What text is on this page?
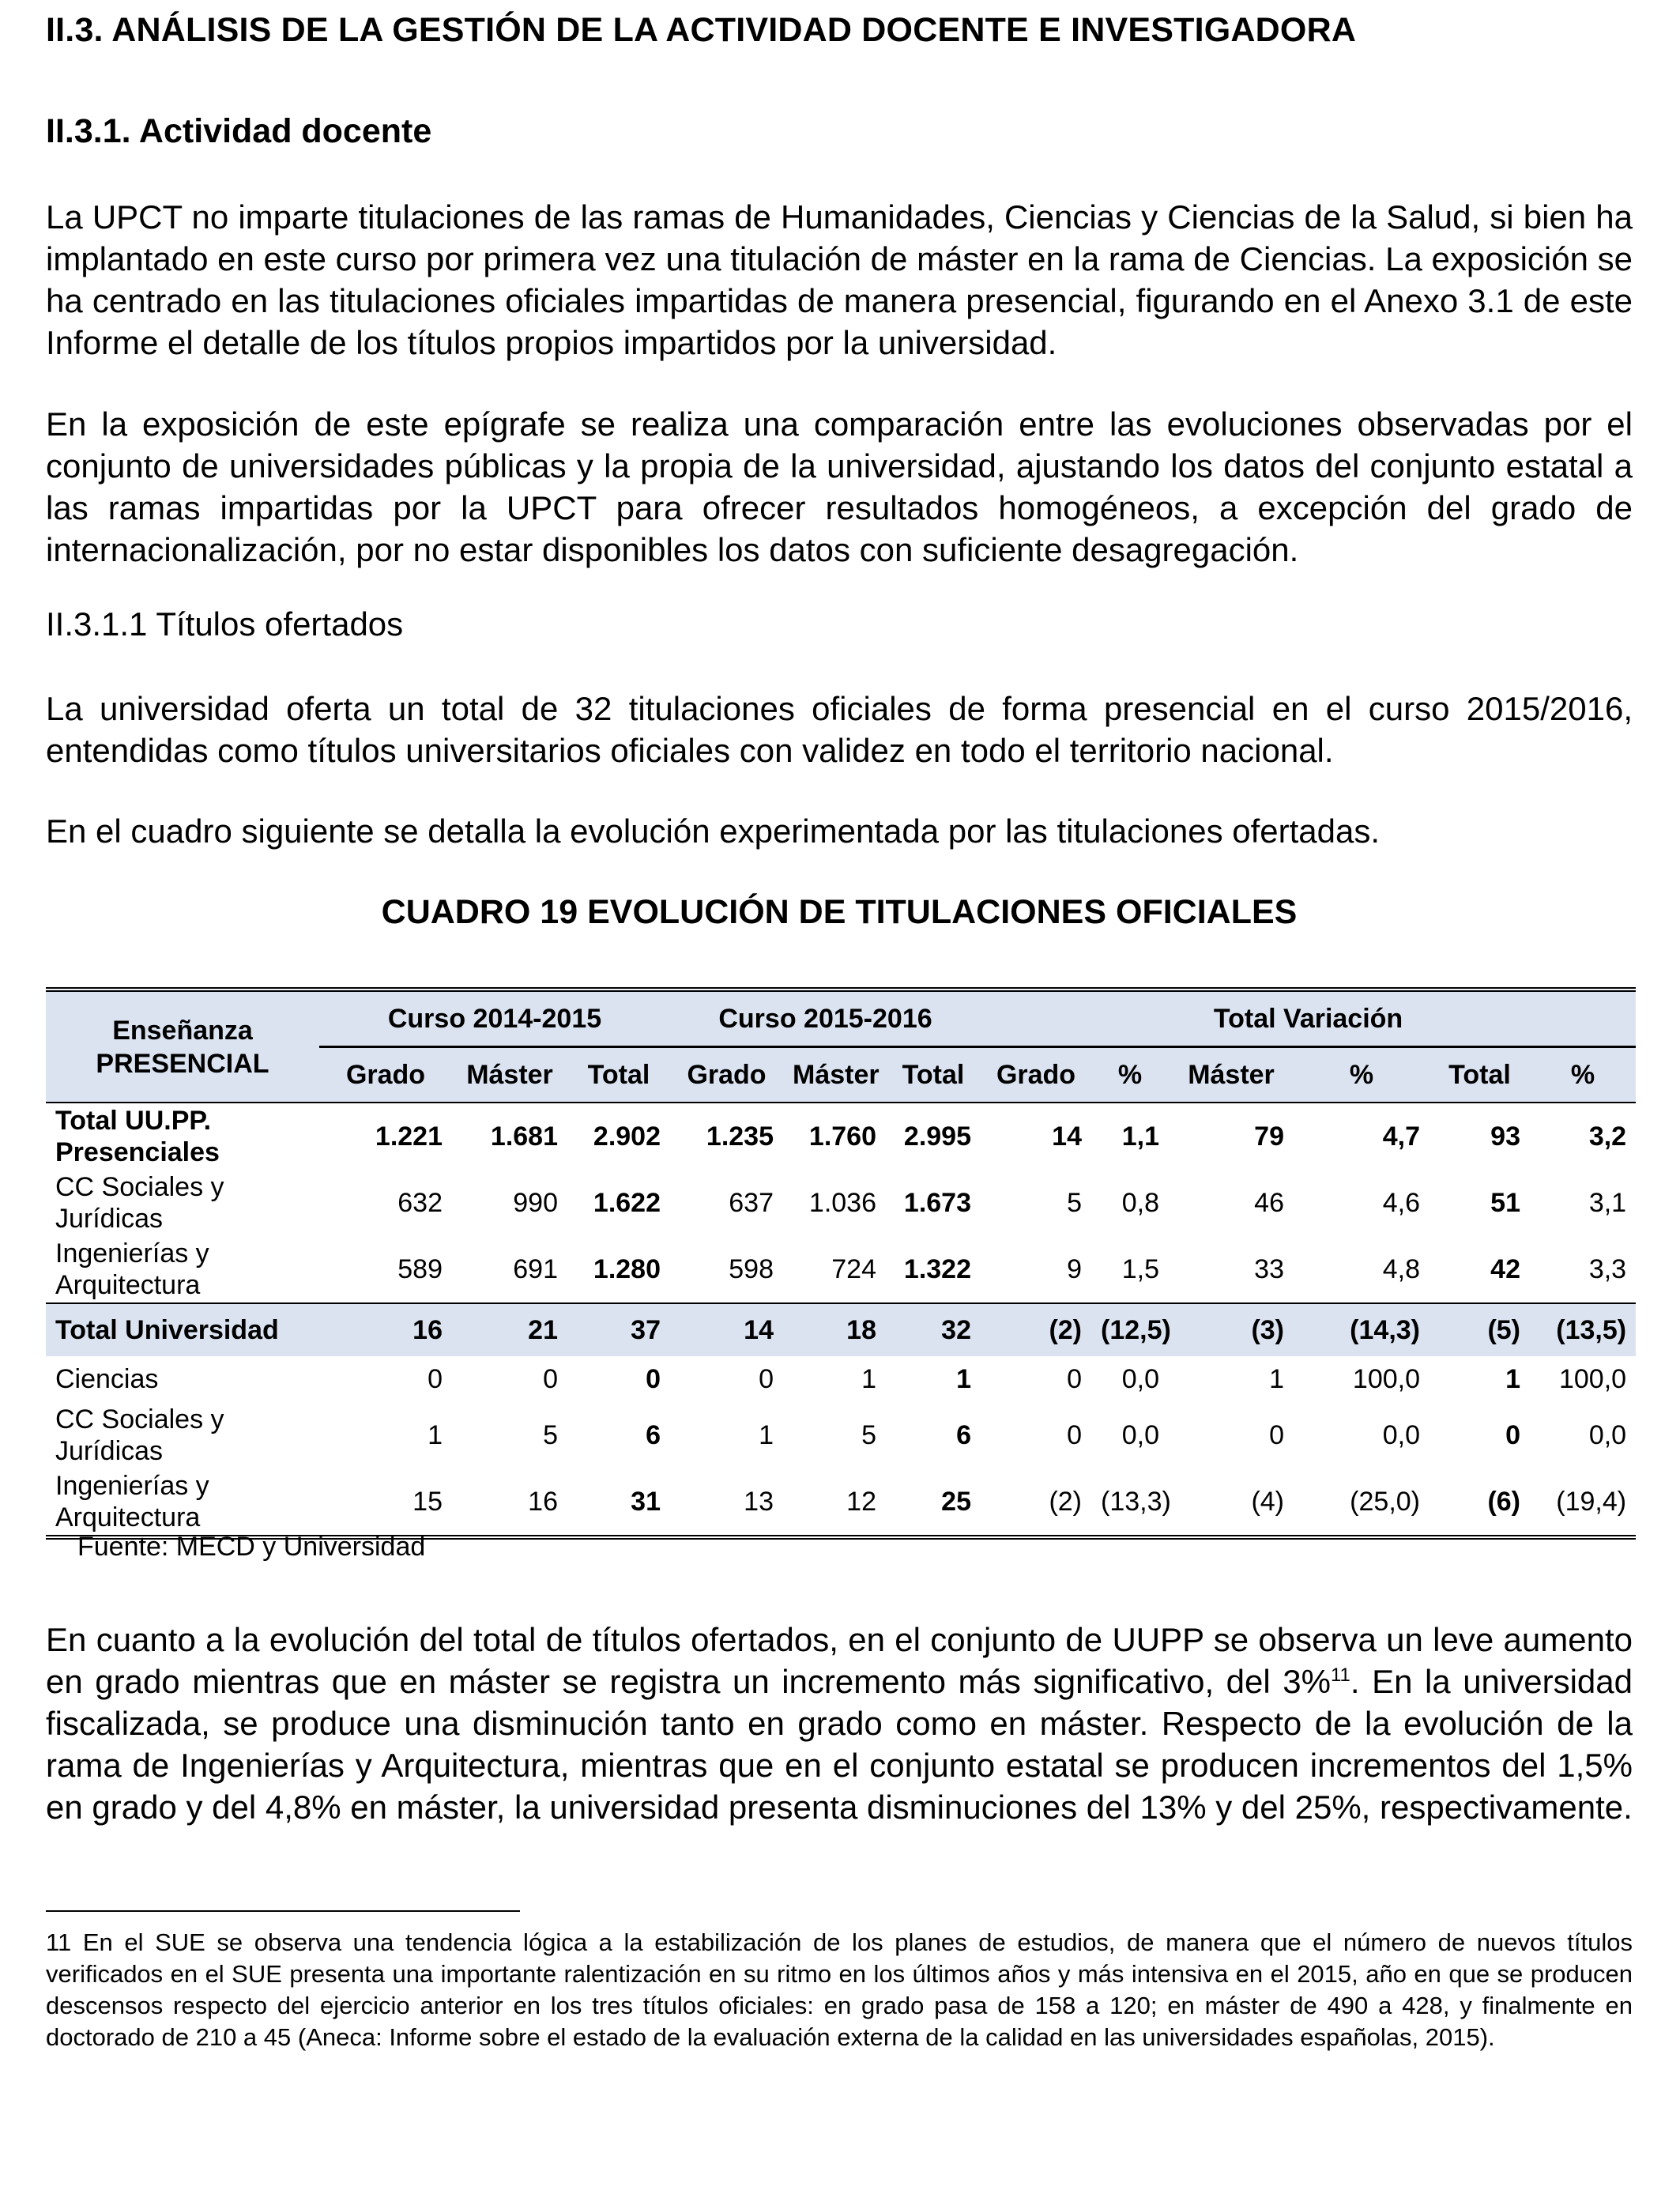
II.3. ANÁLISIS DE LA GESTIÓN DE LA ACTIVIDAD DOCENTE E INVESTIGADORA
II.3.1. Actividad docente

La UPCT no imparte titulaciones de las ramas de Humanidades, Ciencias y Ciencias de la Salud, si bien ha implantado en este curso por primera vez una titulación de máster en la rama de Ciencias. La exposición se ha centrado en las titulaciones oficiales impartidas de manera presencial, figurando en el Anexo 3.1 de este Informe el detalle de los títulos propios impartidos por la universidad.

En la exposición de este epígrafe se realiza una comparación entre las evoluciones observadas por el conjunto de universidades públicas y la propia de la universidad, ajustando los datos del conjunto estatal a las ramas impartidas por la UPCT para ofrecer resultados homogéneos, a excepción del grado de internacionalización, por no estar disponibles los datos con suficiente desagregación.

II.3.1.1 Títulos ofertados

La universidad oferta un total de 32 titulaciones oficiales de forma presencial en el curso 2015/2016, entendidas como títulos universitarios oficiales con validez en todo el territorio nacional.

En el cuadro siguiente se detalla la evolución experimentada por las titulaciones ofertadas.

CUADRO 19 EVOLUCIÓN DE TITULACIONES OFICIALES
Enseñanza
PRESENCIAL	Curso 2014-2015			Curso 2015-2016			Total Variación					
	Grado	Máster	Total	Grado	Máster	Total	Grado	%	Máster	%	Total	%
Total UU.PP. Presenciales	1.221	1.681	2.902	1.235	1.760	2.995	14	1,1	79	4,7	93	3,2
CC Sociales y Jurídicas	632	990	1.622	637	1.036	1.673	5	0,8	46	4,6	51	3,1
Ingenierías y Arquitectura	589	691	1.280	598	724	1.322	9	1,5	33	4,8	42	3,3
Total Universidad	16	21	37	14	18	32	(2)	(12,5)	(3)	(14,3)	(5)	(13,5)
Ciencias	0	0	0	0	1	1	0	0,0	1	100,0	1	100,0
CC Sociales y Jurídicas	1	5	6	1	5	6	0	0,0	0	0,0	0	0,0
Ingenierías y Arquitectura	15	16	31	13	12	25	(2)	(13,3)	(4)	(25,0)	(6)	(19,4)
Fuente: MECD y Universidad

En cuanto a la evolución del total de títulos ofertados, en el conjunto de UUPP se observa un leve aumento en grado mientras que en máster se registra un incremento más significativo, del 3%$^{11}$. En la universidad fiscalizada, se produce una disminución tanto en grado como en máster. Respecto de la evolución de la rama de Ingenierías y Arquitectura, mientras que en el conjunto estatal se producen incrementos del 1,5% en grado y del 4,8% en máster, la universidad presenta disminuciones del 13% y del 25%, respectivamente.

11 En el SUE se observa una tendencia lógica a la estabilización de los planes de estudios, de manera que el número de nuevos títulos verificados en el SUE presenta una importante ralentización en su ritmo en los últimos años y más intensiva en el 2015, año en que se producen descensos respecto del ejercicio anterior en los tres títulos oficiales: en grado pasa de 158 a 120; en máster de 490 a 428, y finalmente en doctorado de 210 a 45 (Aneca: Informe sobre el estado de la evaluación externa de la calidad en las universidades españolas, 2015).
